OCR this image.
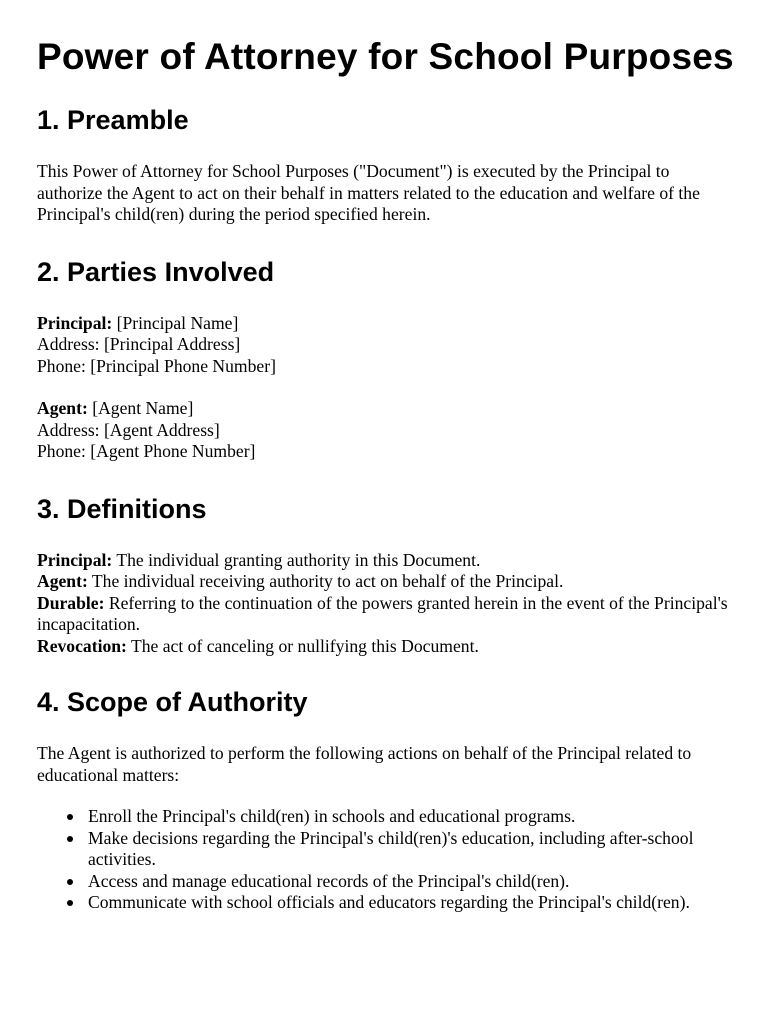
Power of Attorney for School Purposes
1. Preamble

This Power of Attorney for School Purposes ("Document") is executed by the Principal to authorize the Agent to act on their behalf in matters related to the education and welfare of the Principal's child(ren) during the period specified herein.

2. Parties Involved
Principal: [Principal Name]
Address: [Principal Address]
Phone: [Principal Phone Number]
Agent: [Agent Name]
Address: [Agent Address]
Phone: [Agent Phone Number]
3. Definitions
Principal: The individual granting authority in this Document.
Agent: The individual receiving authority to act on behalf of the Principal.
Durable: Referring to the continuation of the powers granted herein in the event of the Principal's incapacitation.
Revocation: The act of canceling or nullifying this Document.
4. Scope of Authority

The Agent is authorized to perform the following actions on behalf of the Principal related to educational matters:

Enroll the Principal's child(ren) in schools and educational programs.
Make decisions regarding the Principal's child(ren)'s education, including after-school activities.
Access and manage educational records of the Principal's child(ren).
Communicate with school officials and educators regarding the Principal's child(ren).
